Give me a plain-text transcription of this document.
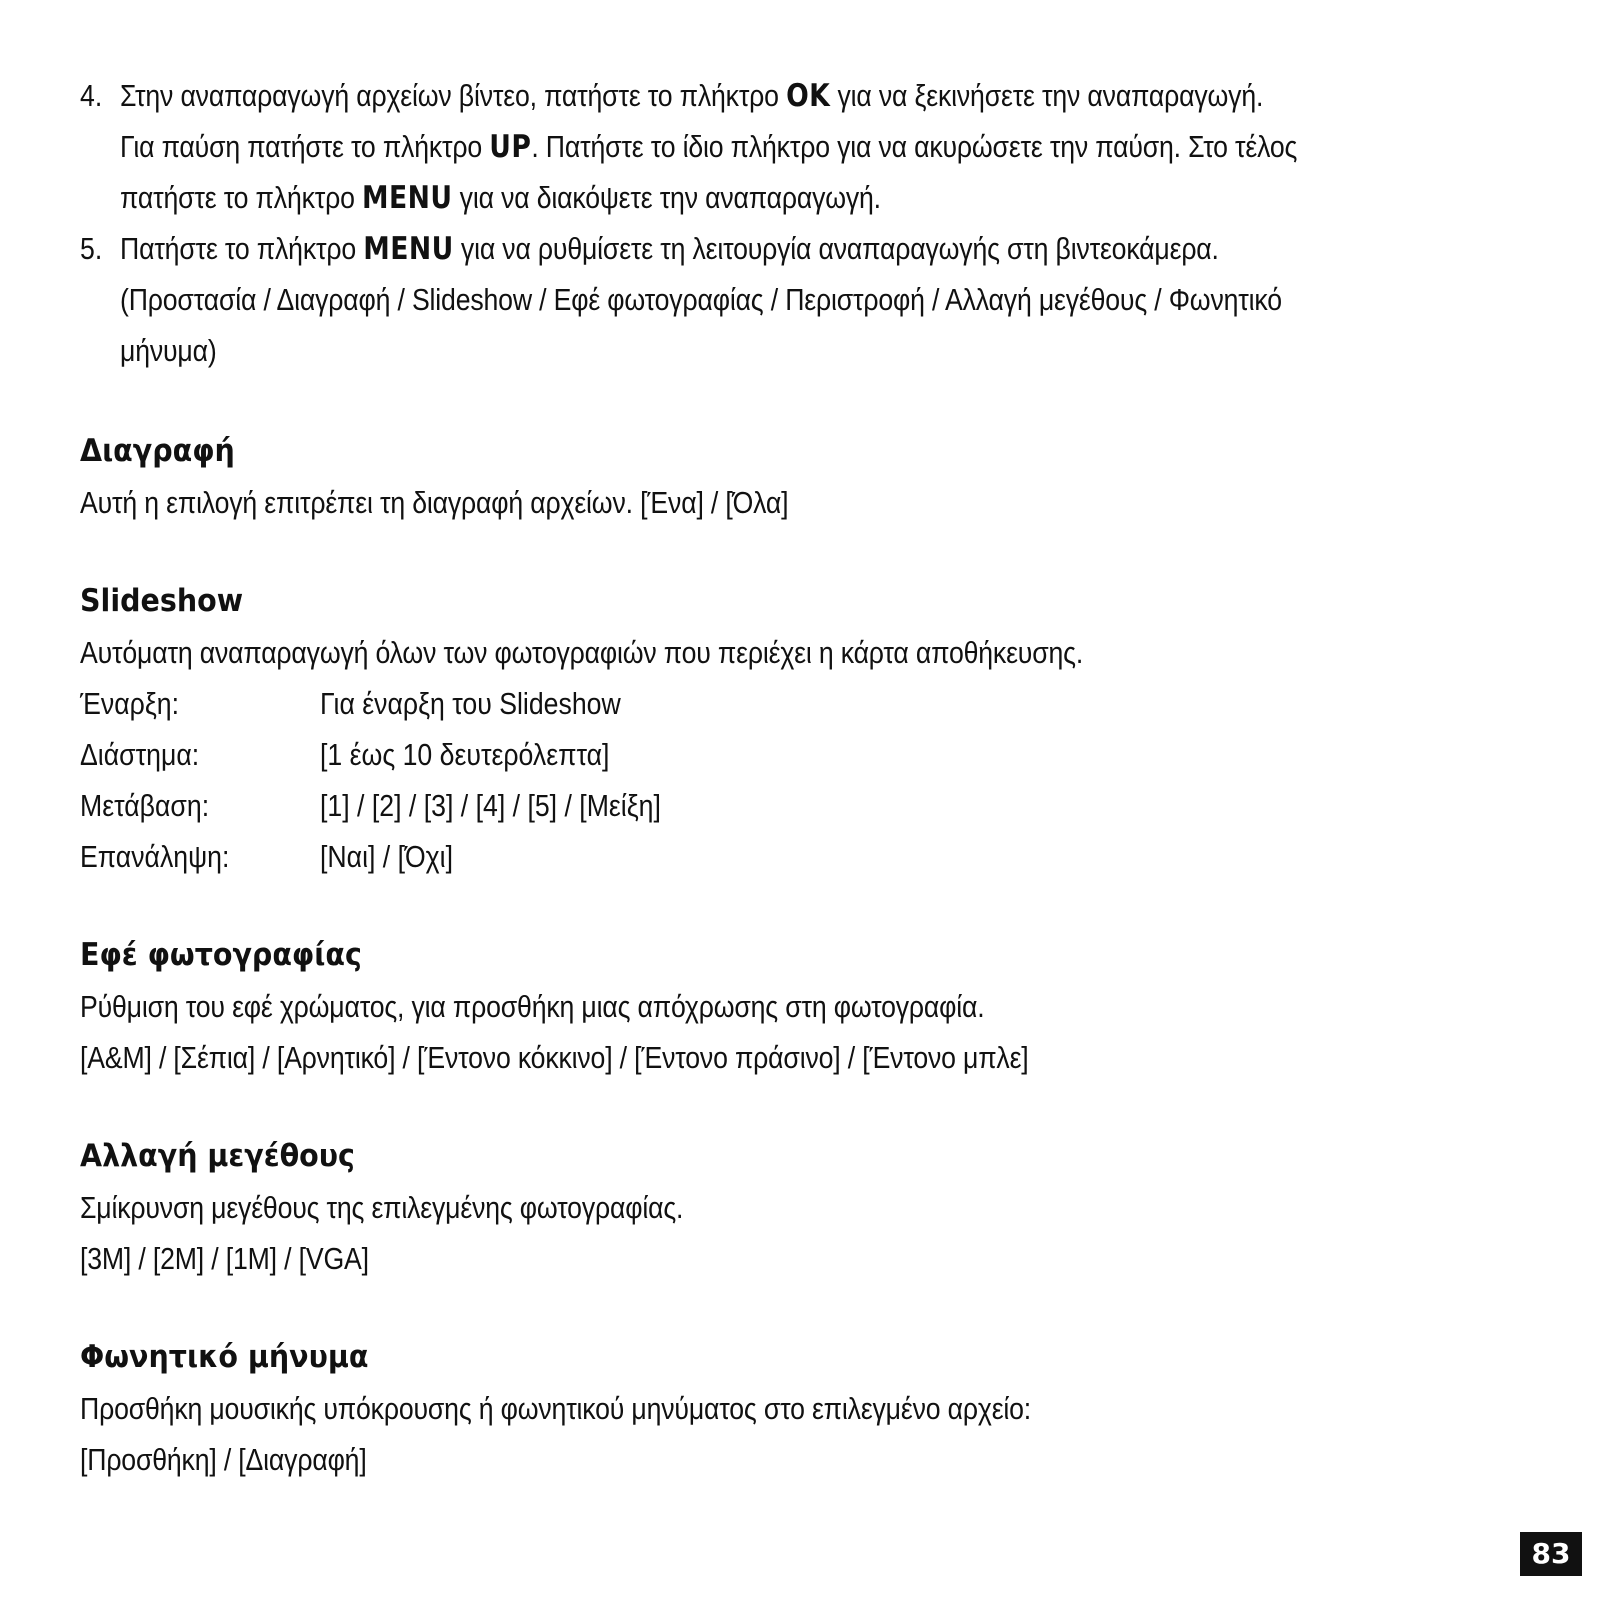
4. Στην αναπαραγωγή αρχείων βίντεο, πατήστε το πλήκτρο OK για να ξεκινήσετε την αναπαραγωγή.
Για παύση πατήστε το πλήκτρο UP. Πατήστε το ίδιο πλήκτρο για να ακυρώσετε την παύση. Στο τέλος
πατήστε το πλήκτρο MENU για να διακόψετε την αναπαραγωγή.
5. Πατήστε το πλήκτρο MENU για να ρυθμίσετε τη λειτουργία αναπαραγωγής στη βιντεοκάμερα.
(Προστασία / Διαγραφή / Slideshow / Εφέ φωτογραφίας / Περιστροφή / Αλλαγή μεγέθους / Φωνητικό
μήνυμα)
Διαγραφή
Αυτή η επιλογή επιτρέπει τη διαγραφή αρχείων. [Ένα] / [Όλα]
Slideshow
Αυτόματη αναπαραγωγή όλων των φωτογραφιών που περιέχει η κάρτα αποθήκευσης.
Έναρξη:	Για έναρξη του Slideshow
Διάστημα:	[1 έως 10 δευτερόλεπτα]
Μετάβαση:	[1] / [2] / [3] / [4] / [5] / [Μείξη]
Επανάληψη:	[Ναι] / [Όχι]
Εφέ φωτογραφίας
Ρύθμιση του εφέ χρώματος, για προσθήκη μιας απόχρωσης στη φωτογραφία.
[Α&Μ] / [Σέπια] / [Αρνητικό] / [Έντονο κόκκινο] / [Έντονο πράσινο] / [Έντονο μπλε]
Αλλαγή μεγέθους
Σμίκρυνση μεγέθους της επιλεγμένης φωτογραφίας.
[3M] / [2M] / [1M] / [VGA]
Φωνητικό μήνυμα
Προσθήκη μουσικής υπόκρουσης ή φωνητικού μηνύματος στο επιλεγμένο αρχείο:
[Προσθήκη] / [Διαγραφή]
83
